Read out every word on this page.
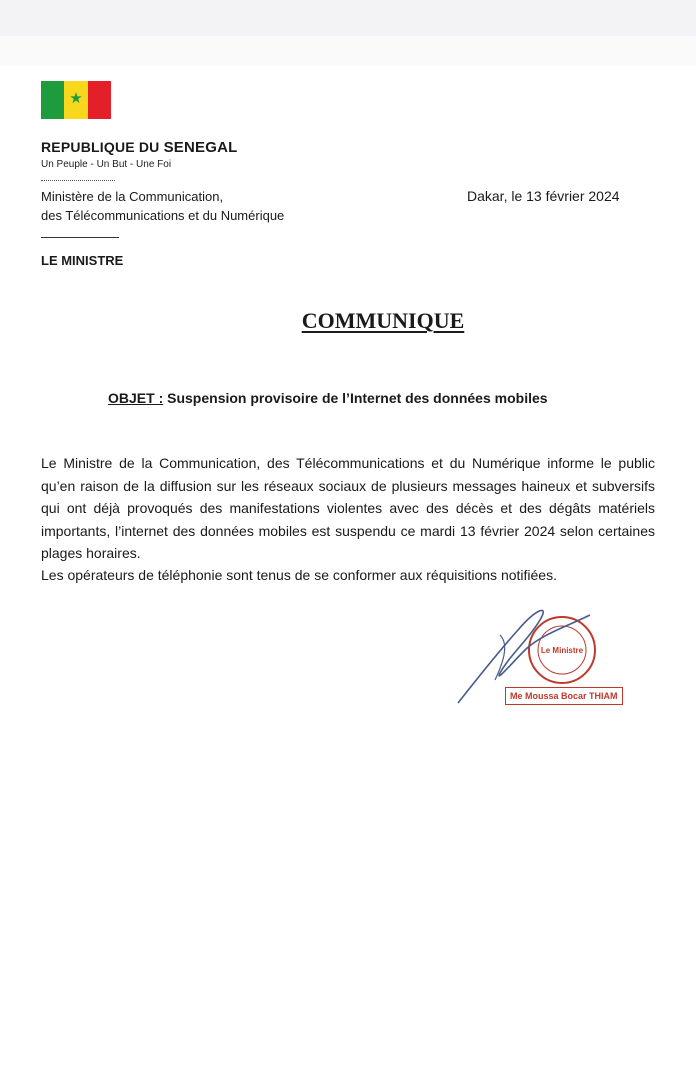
★
REPUBLIQUE DU SENEGAL
Un Peuple - Un But - Une Foi
Ministère de la Communication,
des Télécommunications et du Numérique
LE MINISTRE
Dakar, le 13 février 2024
COMMUNIQUE
OBJET : Suspension provisoire de l’Internet des données mobiles
Le Ministre de la Communication, des Télécommunications et du Numérique informe le public qu’en raison de la diffusion sur les réseaux sociaux de plusieurs messages haineux et subversifs qui ont déjà provoqués des manifestations violentes avec des décès et des dégâts matériels importants, l’internet des données mobiles est suspendu ce mardi 13 février 2024 selon certaines plages horaires.
Les opérateurs de téléphonie sont tenus de se conformer aux réquisitions notifiées.
Le Ministre
Me Moussa Bocar THIAM
